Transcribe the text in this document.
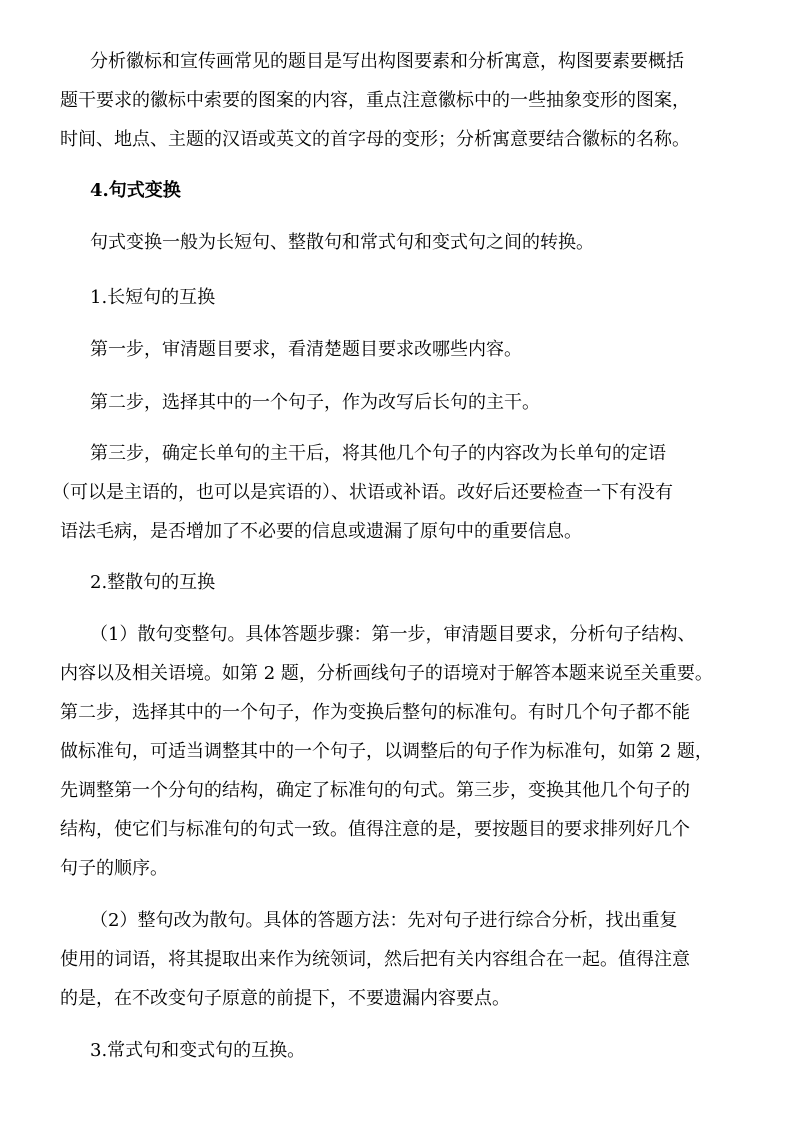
分析徽标和宣传画常见的题目是写出构图要素和分析寓意，构图要素要概括
题干要求的徽标中索要的图案的内容，重点注意徽标中的一些抽象变形的图案，
时间、地点、主题的汉语或英文的首字母的变形；分析寓意要结合徽标的名称。
4.句式变换
句式变换一般为长短句、整散句和常式句和变式句之间的转换。
1.长短句的互换
第一步，审清题目要求，看清楚题目要求改哪些内容。
第二步，选择其中的一个句子，作为改写后长句的主干。
第三步，确定长单句的主干后，将其他几个句子的内容改为长单句的定语
（可以是主语的，也可以是宾语的）、状语或补语。改好后还要检查一下有没有
语法毛病，是否增加了不必要的信息或遗漏了原句中的重要信息。
2.整散句的互换
（1）散句变整句。具体答题步骤：第一步，审清题目要求，分析句子结构、
内容以及相关语境。如第 2 题，分析画线句子的语境对于解答本题来说至关重要。
第二步，选择其中的一个句子，作为变换后整句的标准句。有时几个句子都不能
做标准句，可适当调整其中的一个句子，以调整后的句子作为标准句，如第 2 题，
先调整第一个分句的结构，确定了标准句的句式。第三步，变换其他几个句子的
结构，使它们与标准句的句式一致。值得注意的是，要按题目的要求排列好几个
句子的顺序。
（2）整句改为散句。具体的答题方法：先对句子进行综合分析，找出重复
使用的词语，将其提取出来作为统领词，然后把有关内容组合在一起。值得注意
的是，在不改变句子原意的前提下，不要遗漏内容要点。
3.常式句和变式句的互换。
